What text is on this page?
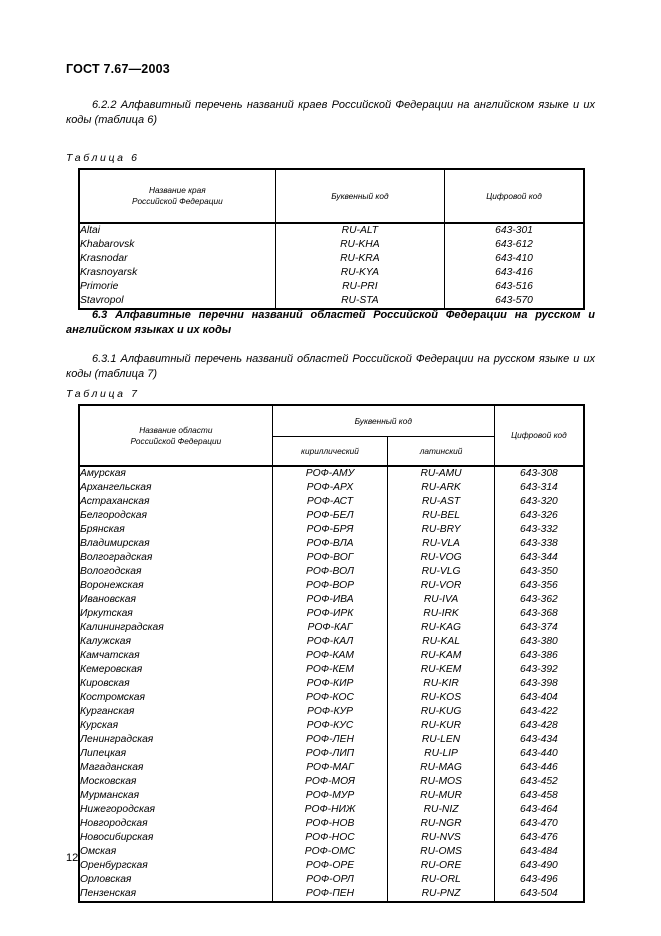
ГОСТ 7.67—2003
6.2.2 Алфавитный перечень названий краев Российской Федерации на английском языке и их коды (таблица 6)
Таблица 6
Название края
Российской Федерации	Буквенный код	Цифровой код
Altai	RU-ALT	643-301
Khabarovsk	RU-KHA	643-612
Krasnodar	RU-KRA	643-410
Krasnoyarsk	RU-KYA	643-416
Primorie	RU-PRI	643-516
Stavropol	RU-STA	643-570
6.3 Алфавитные перечни названий областей Российской Федерации на русском и английском языках и их коды
6.3.1 Алфавитный перечень названий областей Российской Федерации на русском языке и их коды (таблица 7)
Таблица 7
Название области
Российской Федерации	Буквенный код		Цифровой код
	кириллический	латинский	
Амурская	РОФ-АМУ	RU-AMU	643-308
Архангельская	РОФ-АРХ	RU-ARK	643-314
Астраханская	РОФ-АСТ	RU-AST	643-320
Белгородская	РОФ-БЕЛ	RU-BEL	643-326
Брянская	РОФ-БРЯ	RU-BRY	643-332
Владимирская	РОФ-ВЛА	RU-VLA	643-338
Волгоградская	РОФ-ВОГ	RU-VOG	643-344
Вологодская	РОФ-ВОЛ	RU-VLG	643-350
Воронежская	РОФ-ВОР	RU-VOR	643-356
Ивановская	РОФ-ИВА	RU-IVA	643-362
Иркутская	РОФ-ИРК	RU-IRK	643-368
Калининградская	РОФ-КАГ	RU-KAG	643-374
Калужская	РОФ-КАЛ	RU-KAL	643-380
Камчатская	РОФ-КАМ	RU-KAM	643-386
Кемеровская	РОФ-КЕМ	RU-KEM	643-392
Кировская	РОФ-КИР	RU-KIR	643-398
Костромская	РОФ-КОС	RU-KOS	643-404
Курганская	РОФ-КУР	RU-KUG	643-422
Курская	РОФ-КУС	RU-KUR	643-428
Ленинградская	РОФ-ЛЕН	RU-LEN	643-434
Липецкая	РОФ-ЛИП	RU-LIP	643-440
Магаданская	РОФ-МАГ	RU-MAG	643-446
Московская	РОФ-МОЯ	RU-MOS	643-452
Мурманская	РОФ-МУР	RU-MUR	643-458
Нижегородская	РОФ-НИЖ	RU-NIZ	643-464
Новгородская	РОФ-НОВ	RU-NGR	643-470
Новосибирская	РОФ-НОС	RU-NVS	643-476
Омская	РОФ-ОМС	RU-OMS	643-484
Оренбургская	РОФ-ОРЕ	RU-ORE	643-490
Орловская	РОФ-ОРЛ	RU-ORL	643-496
Пензенская	РОФ-ПЕН	RU-PNZ	643-504
12
